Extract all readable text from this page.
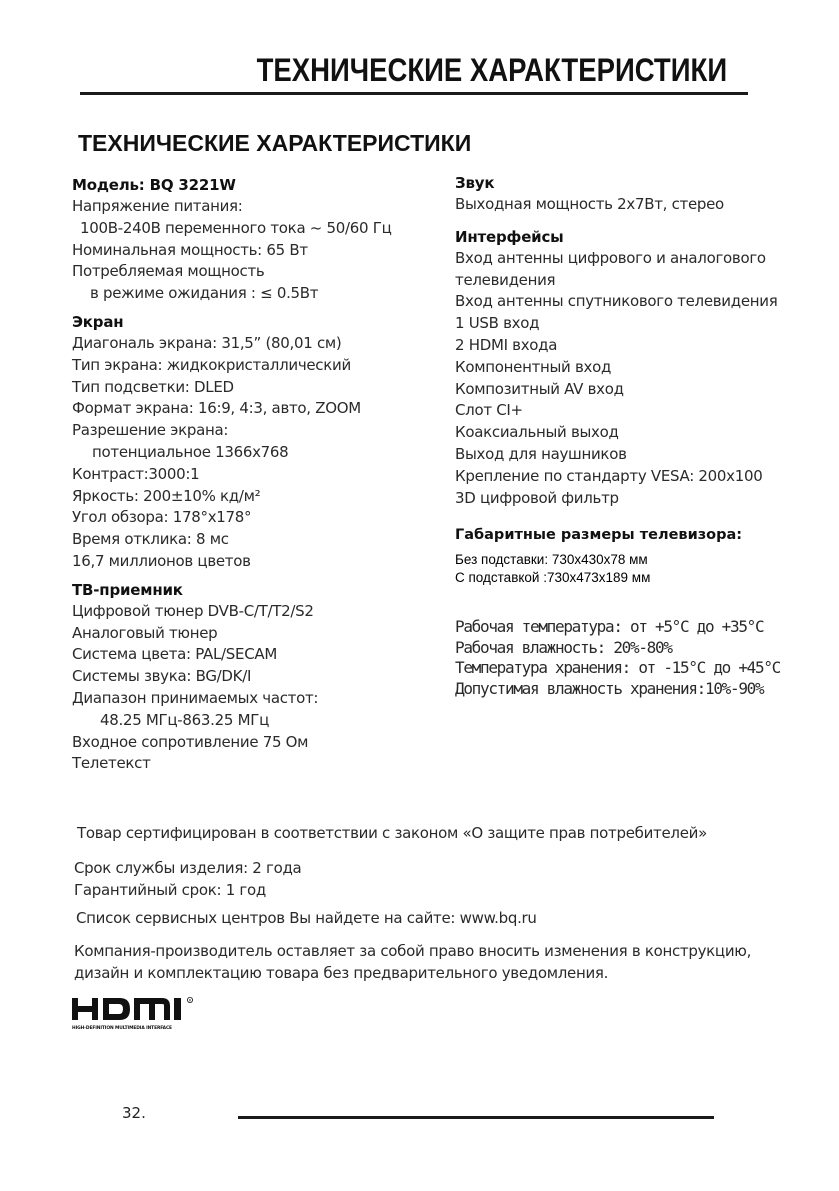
ТЕХНИЧЕСКИЕ ХАРАКТЕРИСТИКИ
ТЕХНИЧЕСКИЕ ХАРАКТЕРИСТИКИ
Модель: BQ 3221W
Напряжение питания:
100В-240В переменного тока ~ 50/60 Гц
Номинальная мощность: 65 Вт
Потребляемая мощность
в режиме ожидания : ≤ 0.5Вт
Экран
Диагональ экрана: 31,5” (80,01 см)
Тип экрана: жидкокристаллический
Тип подсветки: DLED
Формат экрана: 16:9, 4:3, авто, ZOOM
Разрешение экрана:
потенциальное 1366х768
Контраст:3000:1
Яркость: 200±10% кд/м²
Угол обзора: 178°х178°
Время отклика: 8 мс
16,7 миллионов цветов
ТВ-приемник
Цифровой тюнер DVB-C/T/T2/S2
Аналоговый тюнер
Система цвета: PAL/SECAM
Системы звука: BG/DK/I
Диапазон принимаемых частот:
48.25 МГц-863.25 МГц
Входное сопротивление 75 Ом
Телетекст
Звук
Выходная мощность 2х7Вт, стерео
Интерфейсы
Вход антенны цифрового и аналогового
телевидения
Вход антенны спутникового телевидения
1 USB вход
2 HDMI входа
Компонентный вход
Композитный AV вход
Слот CI+
Коаксиальный выход
Выход для наушников
Крепление по стандарту VESA: 200x100
3D цифровой фильтр
Габаритные размеры телевизора:
Без подставки: 730х430х78 мм
С подставкой :730х473х189 мм
Рабочая температура: от +5°С до +35°С
Рабочая влажность: 20%-80%
Температура хранения: от -15°С до +45°С
Допустимая влажность хранения:10%-90%
Товар сертифицирован в соответствии с законом «О защите прав потребителей»
Срок службы изделия: 2 года
Гарантийный срок: 1 год
Список сервисных центров Вы найдете на сайте: www.bq.ru
Компания-производитель оставляет за собой право вносить изменения в конструкцию,
дизайн и комплектацию товара без предварительного уведомления.
R
HIGH-DEFINITION MULTIMEDIA INTERFACE
32.
